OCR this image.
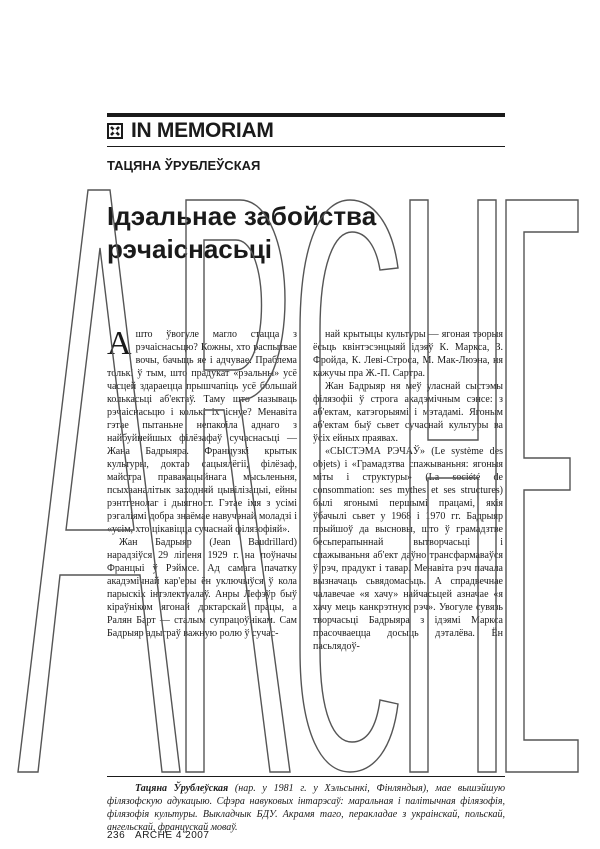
IN MEMORIAM
ТАЦЯНА ЎРУБЛЕЎСКАЯ
Ідэальнае забойства рэчаіснасьці

Ашто ўвогуле магло стацца з рэчаіснасьцю? Кожны, хто распытвае вочы, бачыць яе і адчувае. Праблема толькі ў тым, што прадукат «рэальны» усё часцей здараецца прышчапіць усё большай колькасьці аб'ектаў. Таму што называць рэчаіснасьцю і колькі іх існуе? Менавіта гэтае пытаньне непакоіла аднаго з найбуйнейшых філёзафаў сучаснасьці — Жана Бадрыяра. Французкі крытык культуры, доктар сацыялёгіі, філёзаф, майстра правакацыйнага мысьленьня, псыхааналітык заходняй цывілізацыі, ейны рэнтгенолаг і дыягност. Гэтае імя з усімі рэгаліямі добра знаёмае навучэнай моладзі і «усім, хто цікавіцца сучаснай філязофіяй».

Жан Бадрыяр (Jean Baudrillard) нарадзіўся 29 ліпеня 1929 г. на поўначы Францыі ў Рэймсе. Ад самага пачатку акадэмічнай кар'еры ён уключыўся ў кола парыскіх інтэлектуалаў. Анры Лефэўр быў кіраўніком ягонай доктарскай працы, а Ралян Барт — сталым супрацоўнікам. Сам Бадрыяр адыграў важную ролю ў сучас-

най крытыцы культуры — ягоная тэорыя ёсьць квінтэсэнцыяй ідэяў К. Маркса, З. Фройда, К. Леві-Строса, М. Мак-Люэна, ня кажучы пра Ж.-П. Сартра.

Жан Бадрыяр ня меў уласнай сыстэмы філязофіі ў строга акадэмічным сэнсе: з аб'ектам, катэгорыямі і мэтадамі. Ягоным аб'ектам быў сьвет сучаснай культуры ва ўсіх ейных праявах.

«СЫСТЭМА РЭЧАЎ» (Le système des objets) і «Грамадзтва спажываньня: ягоныя міты і структуры» (La société de consommation: ses mythes et ses structures) былі ягонымі першымі працамі, якія ўбачылі сьвет у 1968 і 1970 гг. Бадрыяр прыйшоў да высновы, што ў грамадзтве бесьперапыннай вытворчасьці і спажываньня аб'ект даўно трансфармаваўся ў рэч, прадукт і тавар. Менавіта рэч пачала вызначаць сьвядомасьць. А спрадвечнае чалавечае «я хачу» найчасьцей азначае «я хачу мець канкрэтную рэч». Увогуле сувязь творчасьці Бадрыяра з ідэямі Маркса прасочваецца досыць дэталёва. Ён пасьлядоў-

Тацяна Ўрублеўская (нар. у 1981 г. у Хэльсынкі, Фінляндыя), мае вышэйшую філязофскую адукацыю. Сфэра навуковых інтарэсаў: маральная і палітычная філязофія, філязофія культуры. Выкладчык БДУ. Акрамя таго, перакладае з украінскай, польскай, ангельскай, францускай моваў.
236 ARCHE 4 2007
